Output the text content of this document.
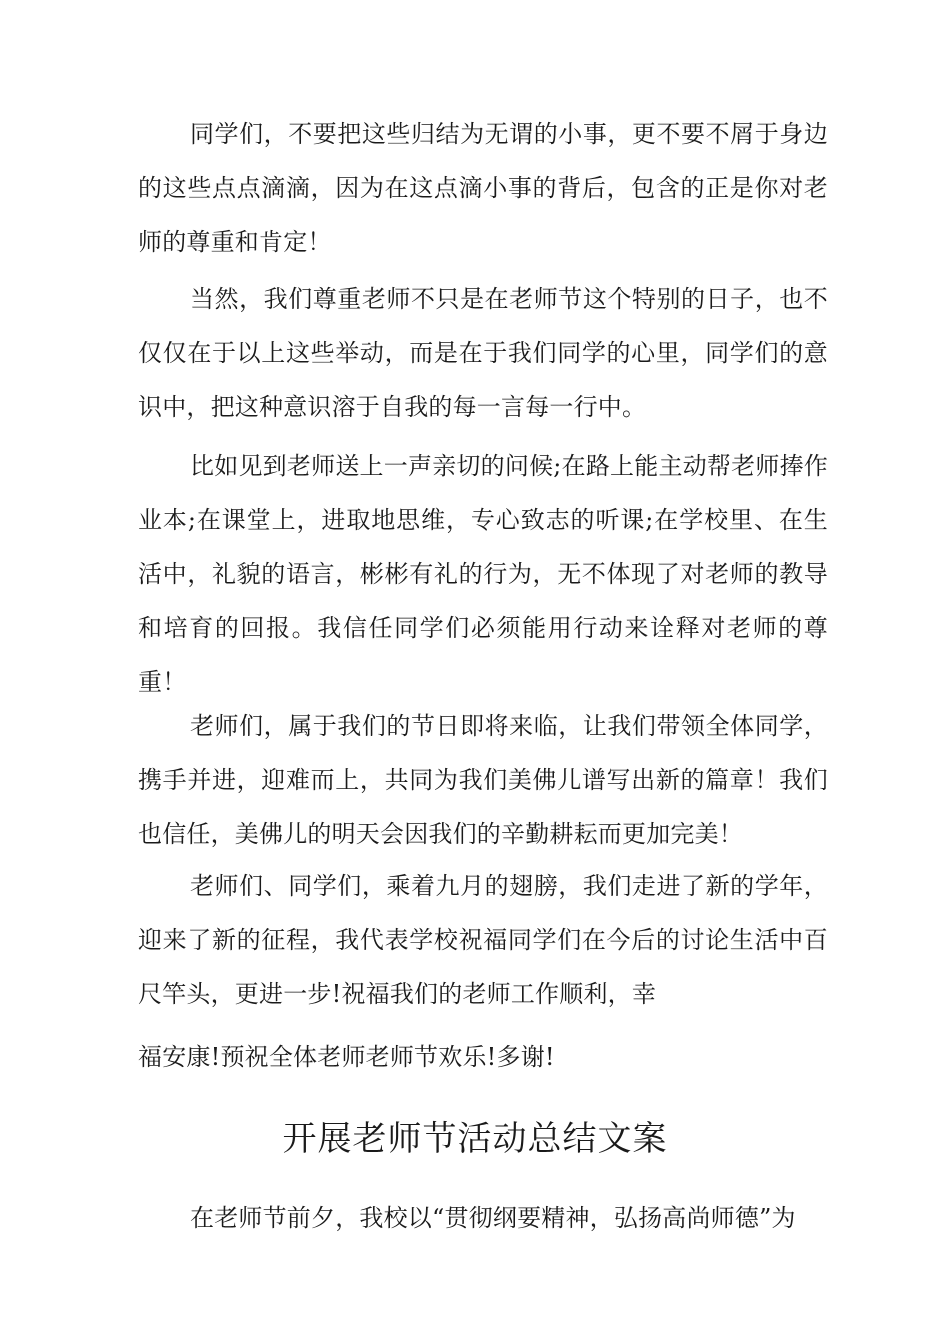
同学们，不要把这些归结为无谓的小事，更不要不屑于身边的这些点点滴滴，因为在这点滴小事的背后，包含的正是你对老师的尊重和肯定！

当然，我们尊重老师不只是在老师节这个特别的日子，也不仅仅在于以上这些举动，而是在于我们同学的心里，同学们的意识中，把这种意识溶于自我的每一言每一行中。

比如见到老师送上一声亲切的问候;在路上能主动帮老师捧作业本;在课堂上，进取地思维，专心致志的听课;在学校里、在生活中，礼貌的语言，彬彬有礼的行为，无不体现了对老师的教导和培育的回报。我信任同学们必须能用行动来诠释对老师的尊重！

老师们，属于我们的节日即将来临，让我们带领全体同学，携手并进，迎难而上，共同为我们美佛儿谱写出新的篇章！我们也信任，美佛儿的明天会因我们的辛勤耕耘而更加完美！

老师们、同学们，乘着九月的翅膀，我们走进了新的学年，迎来了新的征程，我代表学校祝福同学们在今后的讨论生活中百尺竿头，更进一步!祝福我们的老师工作顺利，幸

福安康!预祝全体老师老师节欢乐!多谢!

开展老师节活动总结文案

在老师节前夕，我校以“贯彻纲要精神，弘扬高尚师德”为
